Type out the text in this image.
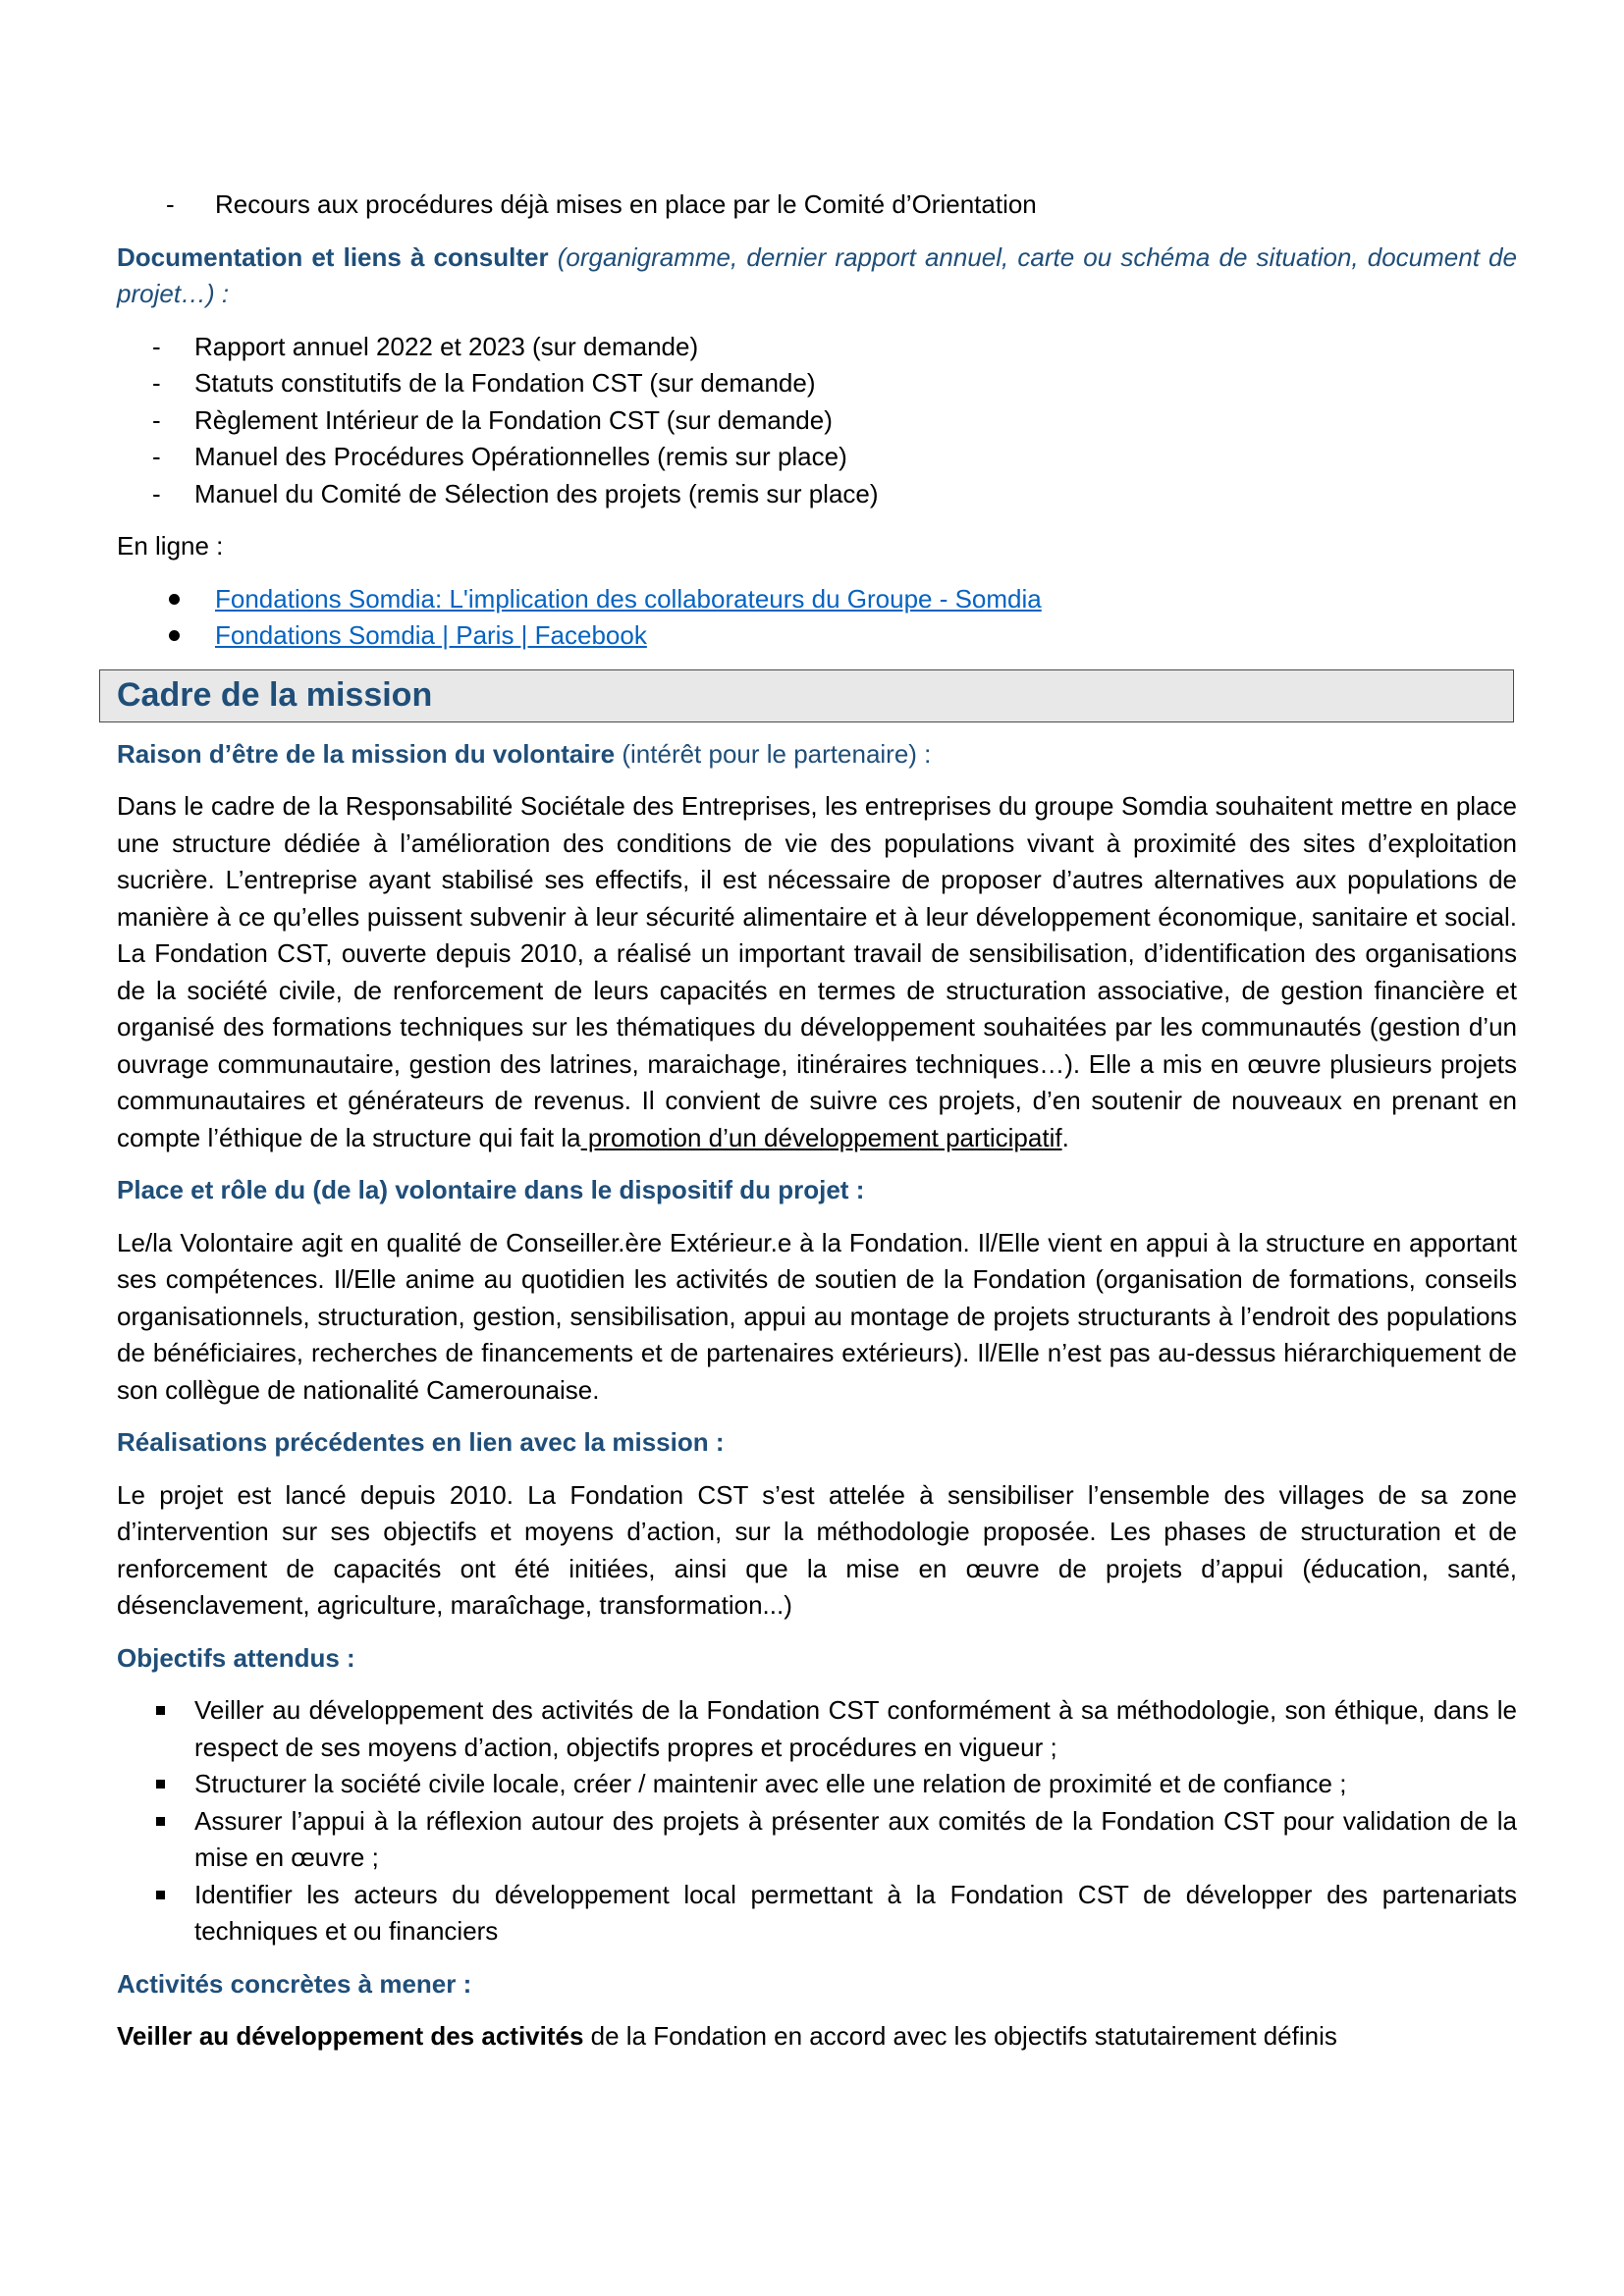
- Recours aux procédures déjà mises en place par le Comité d’Orientation

Documentation et liens à consulter (organigramme, dernier rapport annuel, carte ou schéma de situation, document de projet…) :

- Rapport annuel 2022 et 2023 (sur demande)
- Statuts constitutifs de la Fondation CST (sur demande)
- Règlement Intérieur de la Fondation CST (sur demande)
- Manuel des Procédures Opérationnelles (remis sur place)
- Manuel du Comité de Sélection des projets (remis sur place)

En ligne :

Fondations Somdia: L'implication des collaborateurs du Groupe - Somdia
Fondations Somdia | Paris | Facebook
Cadre de la mission

Raison d’être de la mission du volontaire (intérêt pour le partenaire) :

Dans le cadre de la Responsabilité Sociétale des Entreprises, les entreprises du groupe Somdia souhaitent mettre en place une structure dédiée à l’amélioration des conditions de vie des populations vivant à proximité des sites d’exploitation sucrière. L’entreprise ayant stabilisé ses effectifs, il est nécessaire de proposer d’autres alternatives aux populations de manière à ce qu’elles puissent subvenir à leur sécurité alimentaire et à leur développement économique, sanitaire et social. La Fondation CST, ouverte depuis 2010, a réalisé un important travail de sensibilisation, d’identification des organisations de la société civile, de renforcement de leurs capacités en termes de structuration associative, de gestion financière et organisé des formations techniques sur les thématiques du développement souhaitées par les communautés (gestion d’un ouvrage communautaire, gestion des latrines, maraichage, itinéraires techniques…). Elle a mis en œuvre plusieurs projets communautaires et générateurs de revenus. Il convient de suivre ces projets, d’en soutenir de nouveaux en prenant en compte l’éthique de la structure qui fait la promotion d’un développement participatif.

Place et rôle du (de la) volontaire dans le dispositif du projet :

Le/la Volontaire agit en qualité de Conseiller.ère Extérieur.e à la Fondation. Il/Elle vient en appui à la structure en apportant ses compétences. Il/Elle anime au quotidien les activités de soutien de la Fondation (organisation de formations, conseils organisationnels, structuration, gestion, sensibilisation, appui au montage de projets structurants à l’endroit des populations de bénéficiaires, recherches de financements et de partenaires extérieurs). Il/Elle n’est pas au-dessus hiérarchiquement de son collègue de nationalité Camerounaise.

Réalisations précédentes en lien avec la mission :

Le projet est lancé depuis 2010. La Fondation CST s’est attelée à sensibiliser l’ensemble des villages de sa zone d’intervention sur ses objectifs et moyens d’action, sur la méthodologie proposée. Les phases de structuration et de renforcement de capacités ont été initiées, ainsi que la mise en œuvre de projets d’appui (éducation, santé, désenclavement, agriculture, maraîchage, transformation...)

Objectifs attendus :

Veiller au développement des activités de la Fondation CST conformément à sa méthodologie, son éthique, dans le respect de ses moyens d’action, objectifs propres et procédures en vigueur ;
Structurer la société civile locale, créer / maintenir avec elle une relation de proximité et de confiance ;
Assurer l’appui à la réflexion autour des projets à présenter aux comités de la Fondation CST pour validation de la mise en œuvre ;
Identifier les acteurs du développement local permettant à la Fondation CST de développer des partenariats techniques et ou financiers

Activités concrètes à mener :

Veiller au développement des activités de la Fondation en accord avec les objectifs statutairement définis
